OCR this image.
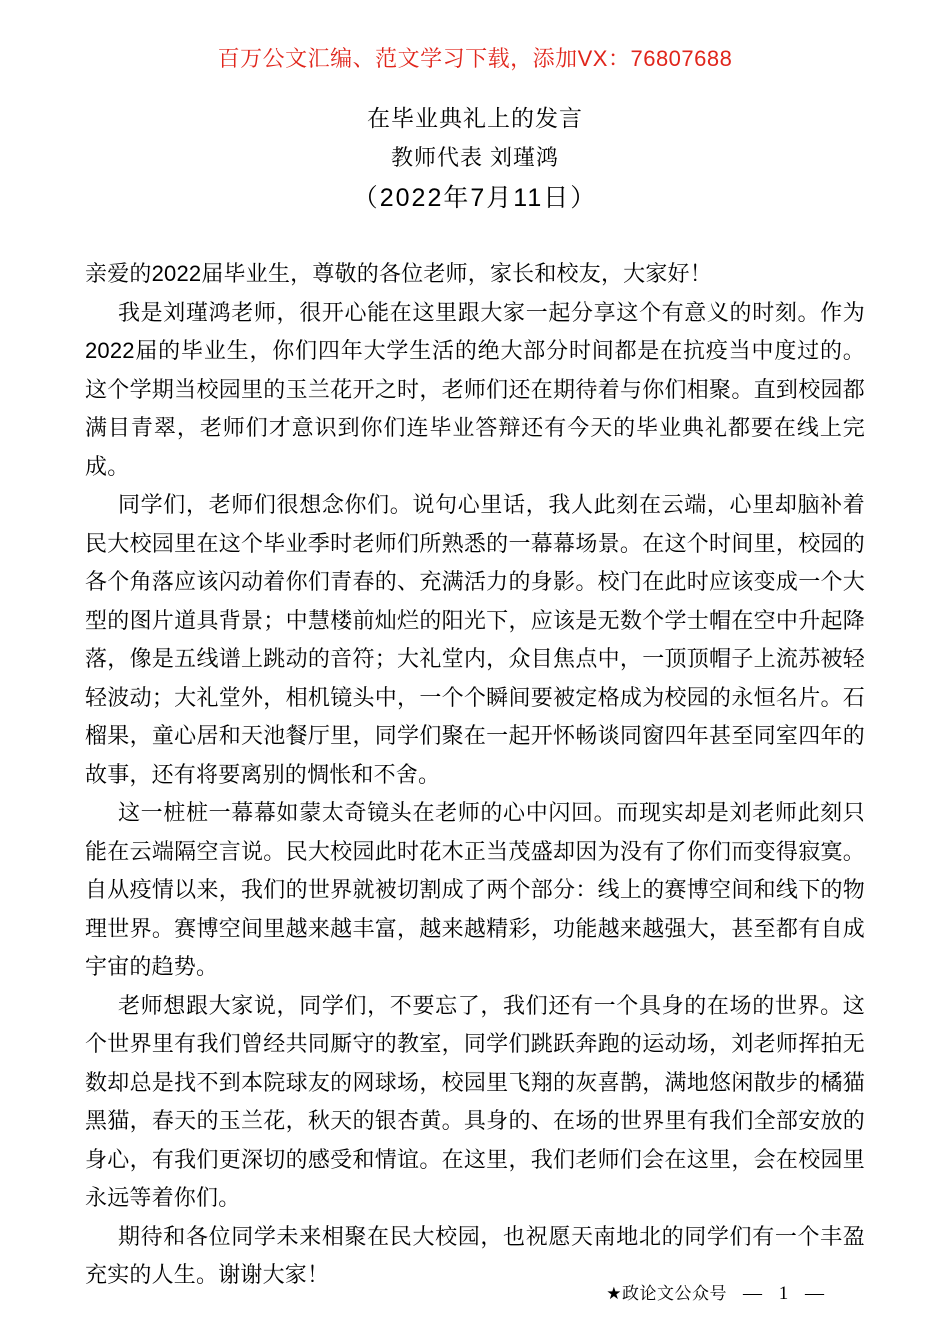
百万公文汇编、范文学习下载，添加VX：76807688
在毕业典礼上的发言
教师代表 刘瑾鸿
（2022年7月11日）

亲爱的2022届毕业生，尊敬的各位老师，家长和校友，大家好！

我是刘瑾鸿老师，很开心能在这里跟大家一起分享这个有意义的时刻。作为2022届的毕业生，你们四年大学生活的绝大部分时间都是在抗疫当中度过的。这个学期当校园里的玉兰花开之时，老师们还在期待着与你们相聚。直到校园都满目青翠，老师们才意识到你们连毕业答辩还有今天的毕业典礼都要在线上完成。

同学们，老师们很想念你们。说句心里话，我人此刻在云端，心里却脑补着民大校园里在这个毕业季时老师们所熟悉的一幕幕场景。在这个时间里，校园的各个角落应该闪动着你们青春的、充满活力的身影。校门在此时应该变成一个大型的图片道具背景；中慧楼前灿烂的阳光下，应该是无数个学士帽在空中升起降落，像是五线谱上跳动的音符；大礼堂内，众目焦点中，一顶顶帽子上流苏被轻轻波动；大礼堂外，相机镜头中，一个个瞬间要被定格成为校园的永恒名片。石榴果，童心居和天池餐厅里，同学们聚在一起开怀畅谈同窗四年甚至同室四年的故事，还有将要离别的惆怅和不舍。

这一桩桩一幕幕如蒙太奇镜头在老师的心中闪回。而现实却是刘老师此刻只能在云端隔空言说。民大校园此时花木正当茂盛却因为没有了你们而变得寂寞。自从疫情以来，我们的世界就被切割成了两个部分：线上的赛博空间和线下的物理世界。赛博空间里越来越丰富，越来越精彩，功能越来越强大，甚至都有自成宇宙的趋势。

老师想跟大家说，同学们，不要忘了，我们还有一个具身的在场的世界。这个世界里有我们曾经共同厮守的教室，同学们跳跃奔跑的运动场，刘老师挥拍无数却总是找不到本院球友的网球场，校园里飞翔的灰喜鹊，满地悠闲散步的橘猫黑猫，春天的玉兰花，秋天的银杏黄。具身的、在场的世界里有我们全部安放的身心，有我们更深切的感受和情谊。在这里，我们老师们会在这里，会在校园里永远等着你们。

期待和各位同学未来相聚在民大校园，也祝愿天南地北的同学们有一个丰盈充实的人生。谢谢大家！

★政论文公众号 — 1 —
